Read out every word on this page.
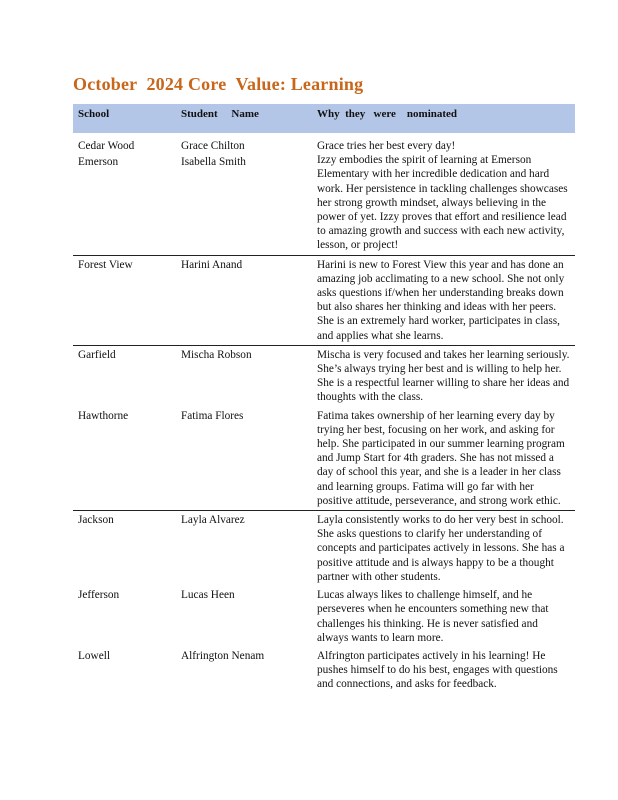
October  2024 Core  Value: Learning
School	Student     Name	Why  they   were    nominated
Cedar Wood	Grace Chilton	Grace tries her best every day!
Emerson	Isabella Smith	Izzy embodies the spirit of learning at Emerson Elementary with her incredible dedication and hard work. Her persistence in tackling challenges showcases her strong growth mindset, always believing in the power of yet. Izzy proves that effort and resilience lead to amazing growth and success with each new activity, lesson, or project!
Forest View	Harini Anand	Harini is new to Forest View this year and has done an amazing job acclimating to a new school. She not only asks questions if/when her understanding breaks down but also shares her thinking and ideas with her peers. She is an extremely hard worker, participates in class, and applies what she learns.
Garfield	Mischa Robson	Mischa is very focused and takes her learning seriously. She’s always trying her best and is willing to help her. She is a respectful learner willing to share her ideas and thoughts with the class.
Hawthorne	Fatima Flores	Fatima takes ownership of her learning every day by trying her best, focusing on her work, and asking for help. She participated in our summer learning program and Jump Start for 4th graders. She has not missed a day of school this year, and she is a leader in her class and learning groups. Fatima will go far with her positive attitude, perseverance, and strong work ethic.
Jackson	Layla Alvarez	Layla consistently works to do her very best in school. She asks questions to clarify her understanding of concepts and participates actively in lessons. She has a positive attitude and is always happy to be a thought partner with other students.
Jefferson	Lucas Heen	Lucas always likes to challenge himself, and he perseveres when he encounters something new that challenges his thinking. He is never satisfied and always wants to learn more.
Lowell	Alfrington Nenam	Alfrington participates actively in his learning! He pushes himself to do his best, engages with questions and connections, and asks for feedback.
